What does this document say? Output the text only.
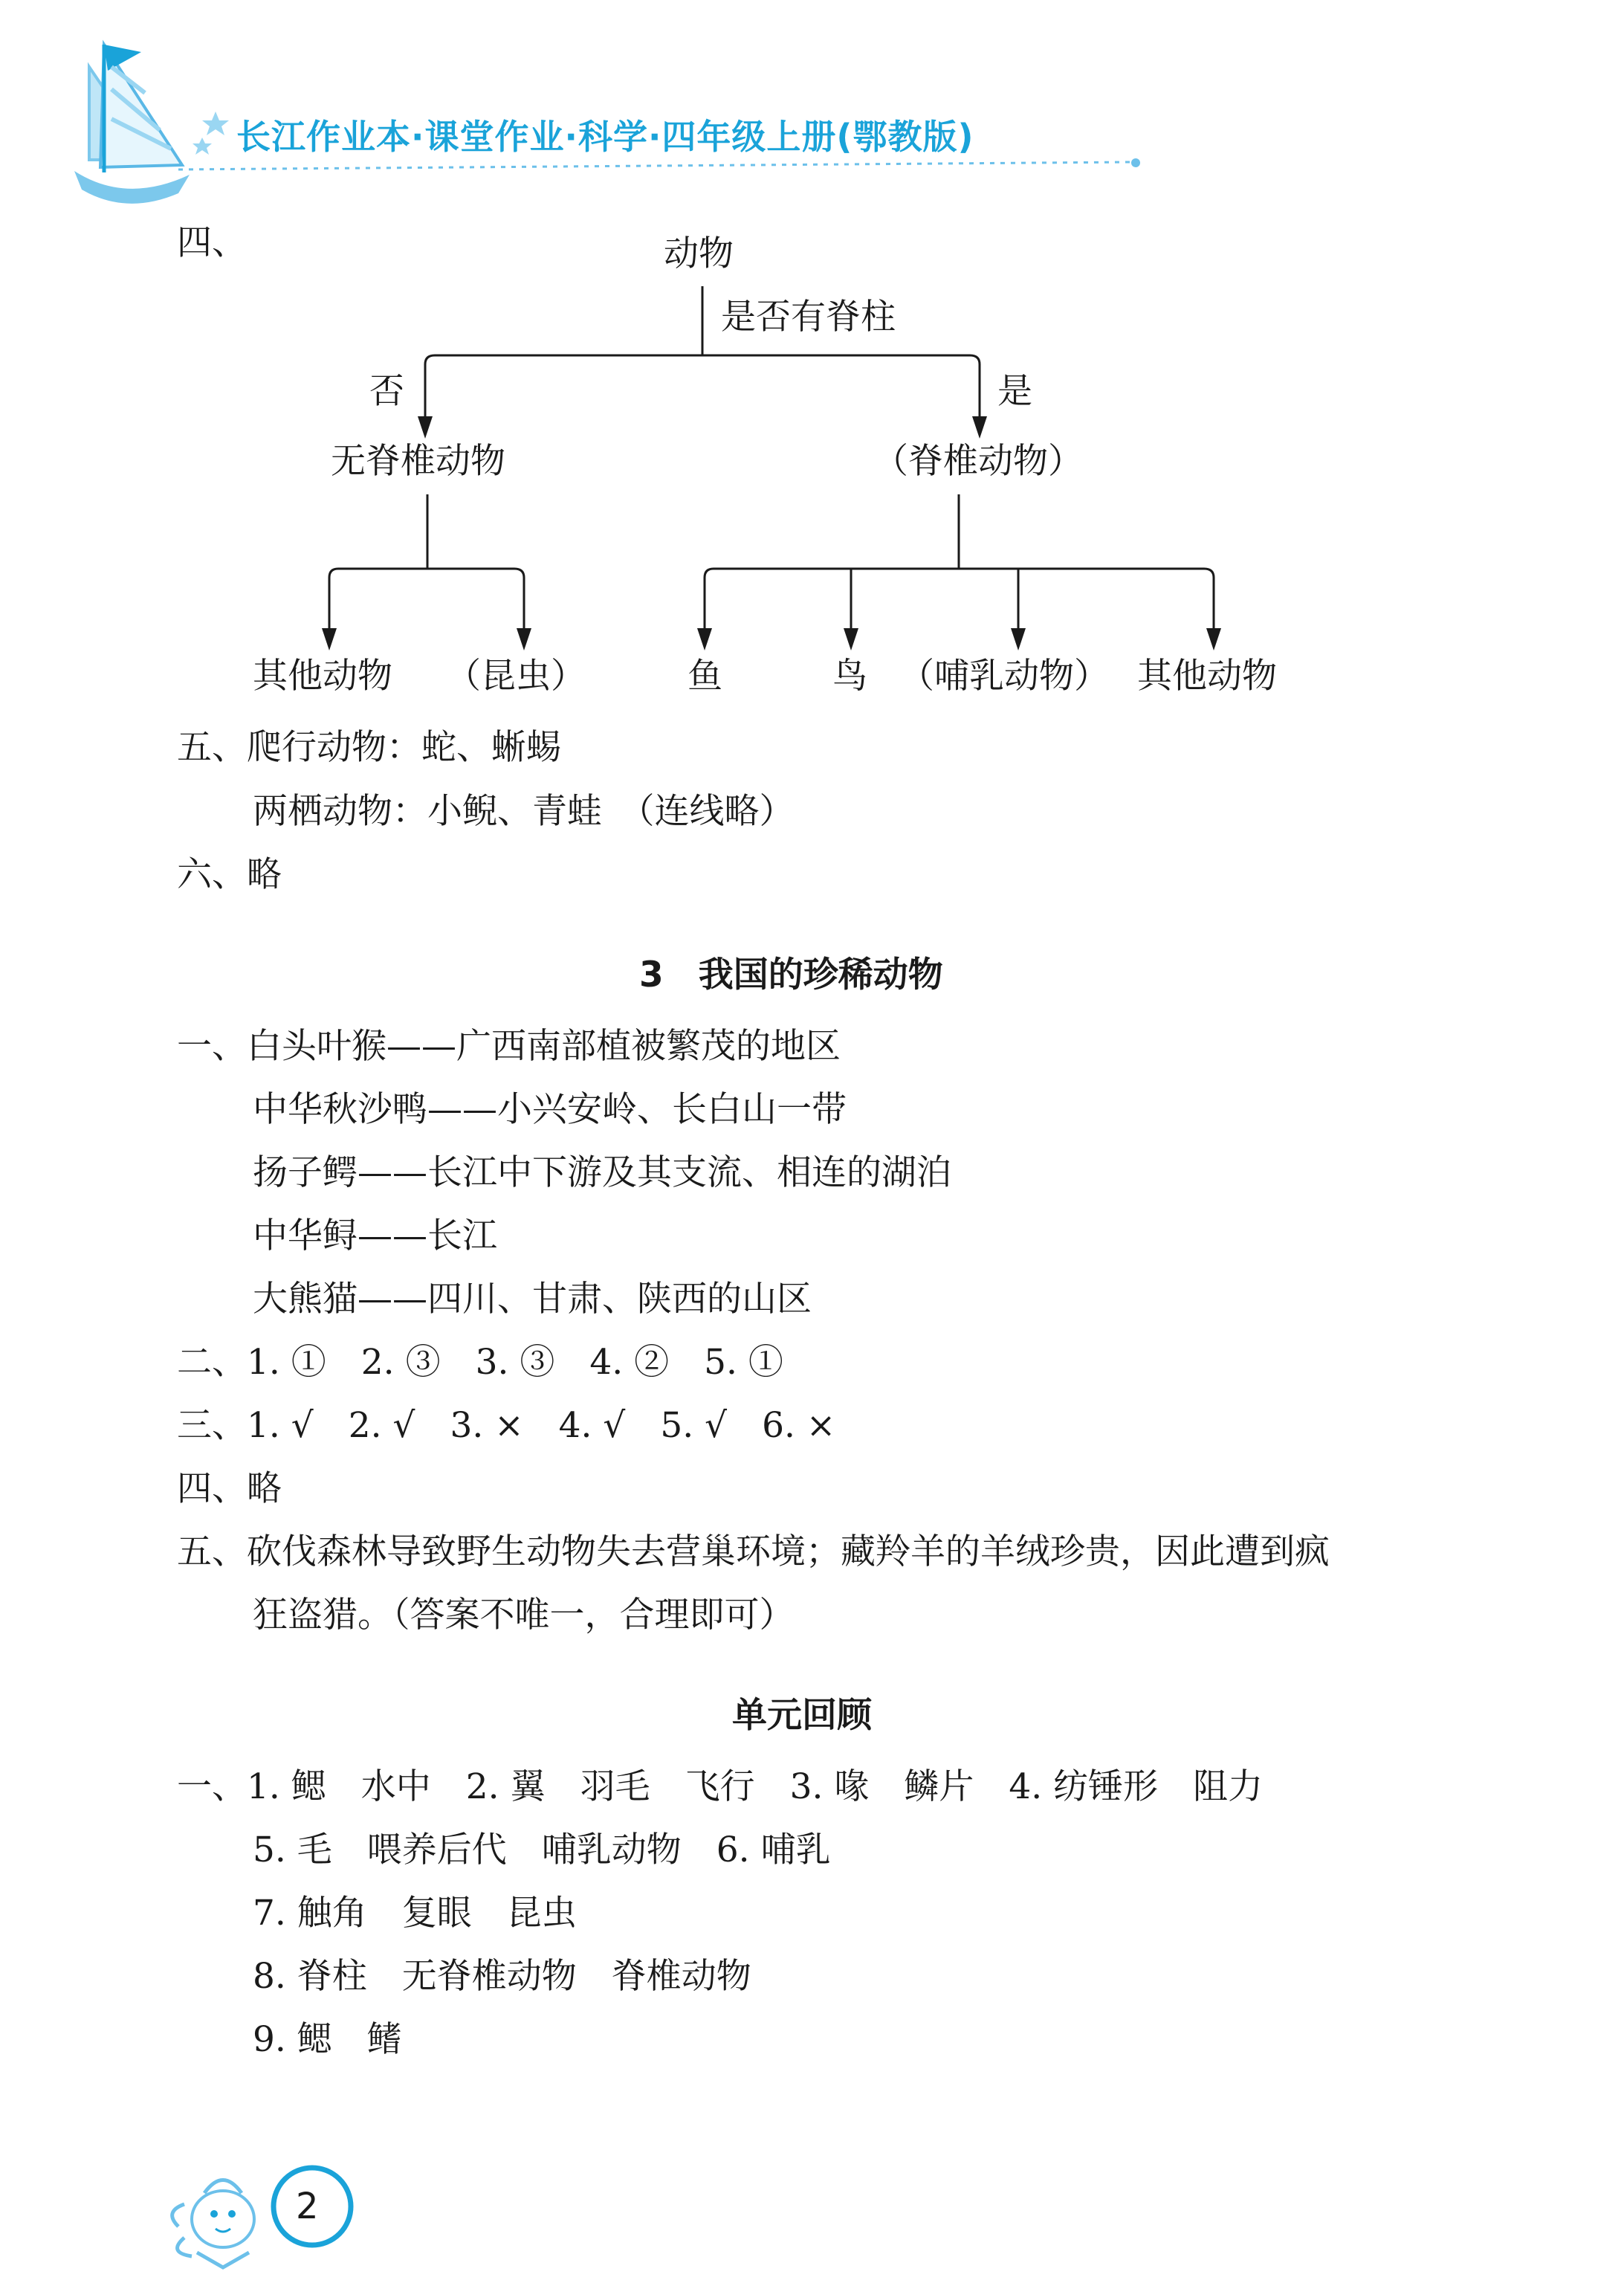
长江作业本·课堂作业·科学·四年级上册(鄂教版)
四、	动物
是否有脊柱
否	是
无脊椎动物	（脊椎动物）
其他动物 （昆虫）	鱼	鸟 （哺乳动物） 其他动物
五、爬行动物：蛇、蜥蜴
两栖动物：小鲵、青蛙　（连线略）
六、略
3　我国的珍稀动物
一、白头叶猴——广西南部植被繁茂的地区
中华秋沙鸭——小兴安岭、长白山一带
扬子鳄——长江中下游及其支流、相连的湖泊
中华鲟——长江
大熊猫——四川、甘肃、陕西的山区
二、1. ①　2. ③　3. ③　4. ②　5. ①
三、1. √　2. √　3. ×　4. √　5. √　6. ×
四、略
五、砍伐森林导致野生动物失去营巢环境；藏羚羊的羊绒珍贵，因此遭到疯
狂盗猎。（答案不唯一，合理即可）
单元回顾
一、1. 鳃　水中　2. 翼　羽毛　飞行　3. 喙　鳞片　4. 纺锤形　阻力
5. 毛　喂养后代　哺乳动物　6. 哺乳
7. 触角　复眼　昆虫
8. 脊柱　无脊椎动物　脊椎动物
9. 鳃　鳍
2
